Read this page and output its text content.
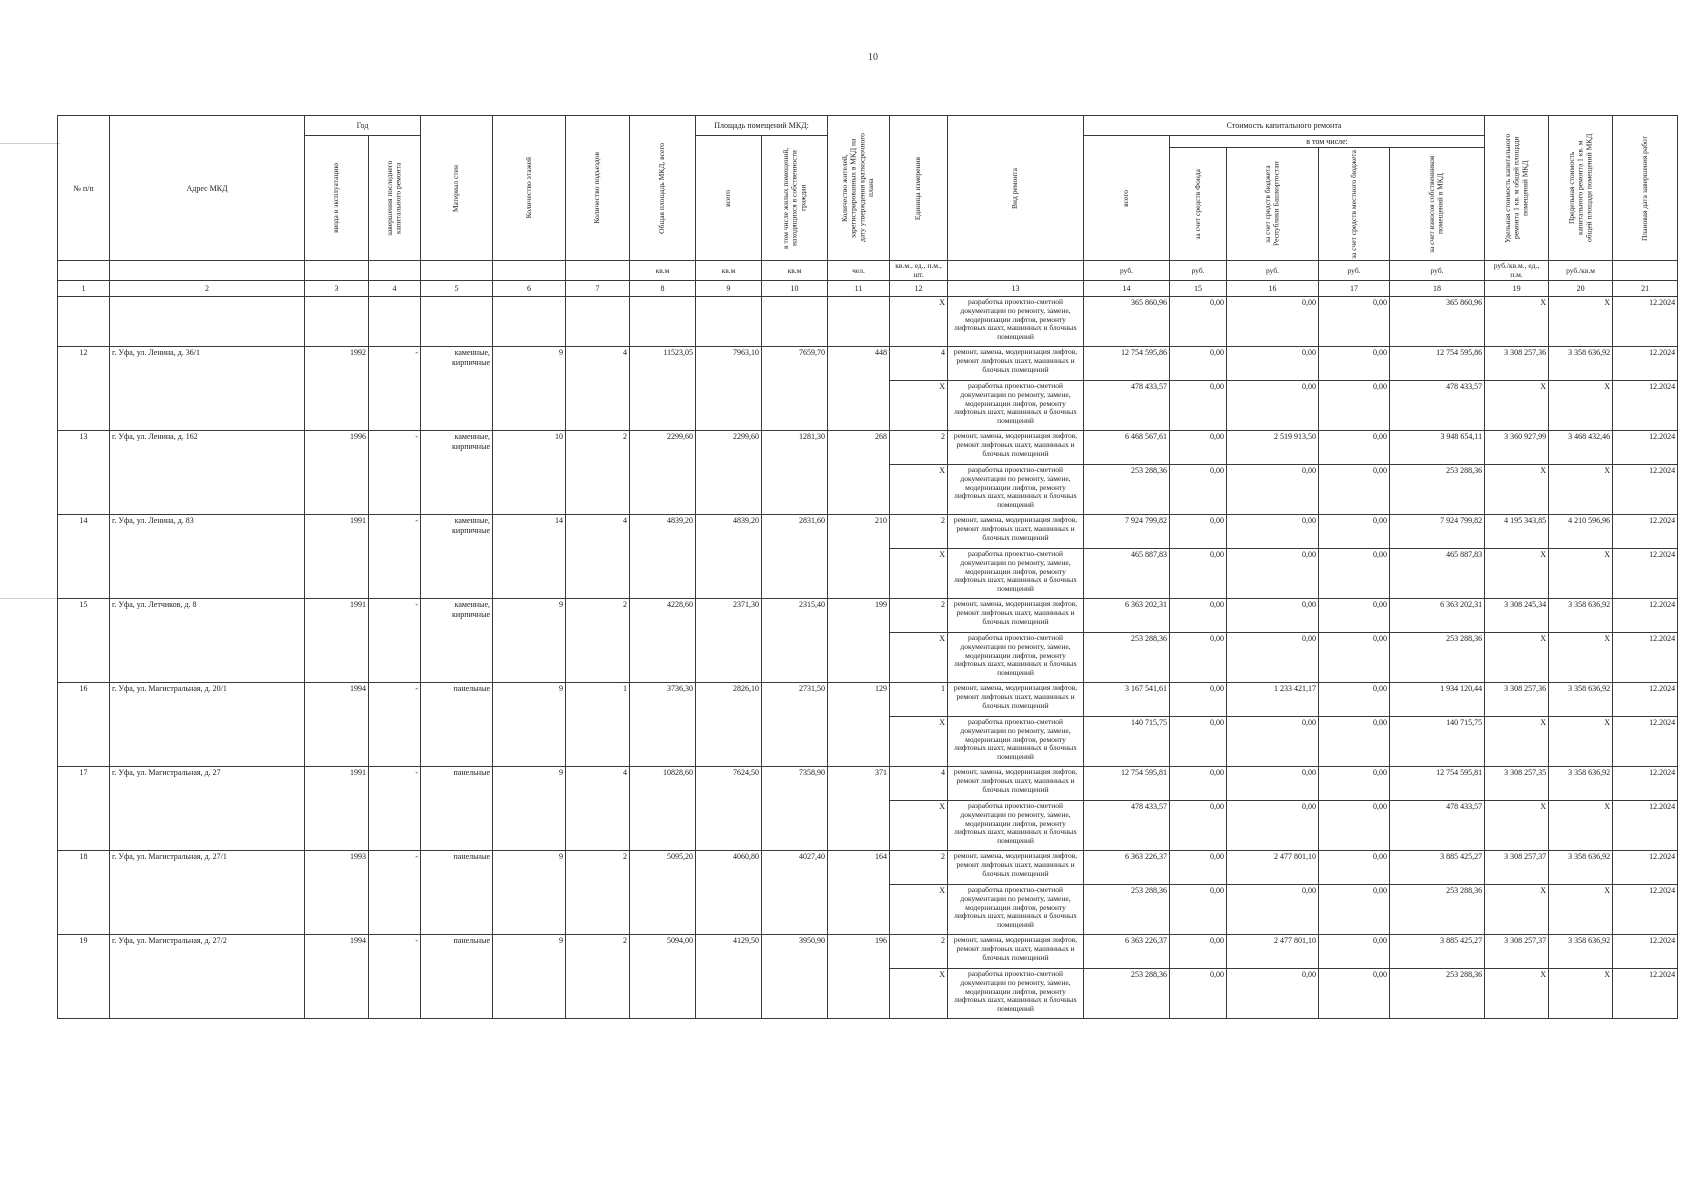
10
№ п/п	Адрес МКД	Год		Материал стен	Количество этажей	Количество подъездов	Общая площадь МКД, всего	Площадь помещений МКД:		Количество жителей, зарегистрированных в МКД на дату утверждения краткосрочного плана	Единица измерения	Вид ремонта	Стоимость капитального ремонта					Удельная стоимость капитального ремонта 1 кв. м общей площади помещений МКД	Предельная стоимость капитального ремонта 1 кв. м общей площади помещений МКД	Плановая дата завершения работ

		ввода в эксплуатацию	завершения последнего капитального ремонта					всего	в том числе жилых помещений, находящихся в собственности граждан				всего	в том числе:						

														за счет средств Фонда	за счет средств бюджета Республики Башкортостан	за счет средств местного бюджета	за счет взносов собственников помещений в МКД			

							кв.м	кв.м	кв.м	чел.	кв.м., ед., п.м., шт.		руб.	руб.	руб.	руб.	руб.	руб./кв.м., ед., п.м.	руб./кв.м	
1	2	3	4	5	6	7	8	9	10	11	12	13	14	15	16	17	18	19	20	21
											X	разработка проектно-сметной документации по ремонту, замене, модернизации лифтов, ремонту лифтовых шахт, машинных и блочных помещений	365 860,96	0,00	0,00	0,00	365 860,96	X	X	12.2024
12	г. Уфа, ул. Ленина, д. 36/1	1992	-	каменные, кирпичные	9	4	11523,05	7963,10	7659,70	448	4	ремонт, замена, модернизация лифтов, ремонт лифтовых шахт, машинных и блочных помещений	12 754 595,86	0,00	0,00	0,00	12 754 595,86	3 308 257,36	3 358 636,92	12.2024
											X	разработка проектно-сметной документации по ремонту, замене, модернизации лифтов, ремонту лифтовых шахт, машинных и блочных помещений	478 433,57	0,00	0,00	0,00	478 433,57	X	X	12.2024
13	г. Уфа, ул. Ленина, д. 162	1996	-	каменные, кирпичные	10	2	2299,60	2299,60	1281,30	268	2	ремонт, замена, модернизация лифтов, ремонт лифтовых шахт, машинных и блочных помещений	6 468 567,61	0,00	2 519 913,50	0,00	3 948 654,11	3 360 927,99	3 468 432,46	12.2024
											X	разработка проектно-сметной документации по ремонту, замене, модернизации лифтов, ремонту лифтовых шахт, машинных и блочных помещений	253 288,36	0,00	0,00	0,00	253 288,36	X	X	12.2024
14	г. Уфа, ул. Ленина, д. 83	1991	-	каменные, кирпичные	14	4	4839,20	4839,20	2831,60	210	2	ремонт, замена, модернизация лифтов, ремонт лифтовых шахт, машинных и блочных помещений	7 924 799,82	0,00	0,00	0,00	7 924 799,82	4 195 343,85	4 210 596,96	12.2024
											X	разработка проектно-сметной документации по ремонту, замене, модернизации лифтов, ремонту лифтовых шахт, машинных и блочных помещений	465 887,83	0,00	0,00	0,00	465 887,83	X	X	12.2024
15	г. Уфа, ул. Летчиков, д. 8	1991	-	каменные, кирпичные	9	2	4228,60	2371,30	2315,40	199	2	ремонт, замена, модернизация лифтов, ремонт лифтовых шахт, машинных и блочных помещений	6 363 202,31	0,00	0,00	0,00	6 363 202,31	3 308 245,34	3 358 636,92	12.2024
											X	разработка проектно-сметной документации по ремонту, замене, модернизации лифтов, ремонту лифтовых шахт, машинных и блочных помещений	253 288,36	0,00	0,00	0,00	253 288,36	X	X	12.2024
16	г. Уфа, ул. Магистральная, д. 20/1	1994	-	панельные	9	1	3736,30	2826,10	2731,50	129	1	ремонт, замена, модернизация лифтов, ремонт лифтовых шахт, машинных и блочных помещений	3 167 541,61	0,00	1 233 421,17	0,00	1 934 120,44	3 308 257,36	3 358 636,92	12.2024
											X	разработка проектно-сметной документации по ремонту, замене, модернизации лифтов, ремонту лифтовых шахт, машинных и блочных помещений	140 715,75	0,00	0,00	0,00	140 715,75	X	X	12.2024
17	г. Уфа, ул. Магистральная, д. 27	1991	-	панельные	9	4	10828,60	7624,50	7358,90	371	4	ремонт, замена, модернизация лифтов, ремонт лифтовых шахт, машинных и блочных помещений	12 754 595,81	0,00	0,00	0,00	12 754 595,81	3 308 257,35	3 358 636,92	12.2024
											X	разработка проектно-сметной документации по ремонту, замене, модернизации лифтов, ремонту лифтовых шахт, машинных и блочных помещений	478 433,57	0,00	0,00	0,00	478 433,57	X	X	12.2024
18	г. Уфа, ул. Магистральная, д. 27/1	1993	-	панельные	9	2	5095,20	4060,80	4027,40	164	2	ремонт, замена, модернизация лифтов, ремонт лифтовых шахт, машинных и блочных помещений	6 363 226,37	0,00	2 477 801,10	0,00	3 885 425,27	3 308 257,37	3 358 636,92	12.2024
											X	разработка проектно-сметной документации по ремонту, замене, модернизации лифтов, ремонту лифтовых шахт, машинных и блочных помещений	253 288,36	0,00	0,00	0,00	253 288,36	X	X	12.2024
19	г. Уфа, ул. Магистральная, д. 27/2	1994	-	панельные	9	2	5094,00	4129,50	3950,90	196	2	ремонт, замена, модернизация лифтов, ремонт лифтовых шахт, машинных и блочных помещений	6 363 226,37	0,00	2 477 801,10	0,00	3 885 425,27	3 308 257,37	3 358 636,92	12.2024
											X	разработка проектно-сметной документации по ремонту, замене, модернизации лифтов, ремонту лифтовых шахт, машинных и блочных помещений	253 288,36	0,00	0,00	0,00	253 288,36	X	X	12.2024
